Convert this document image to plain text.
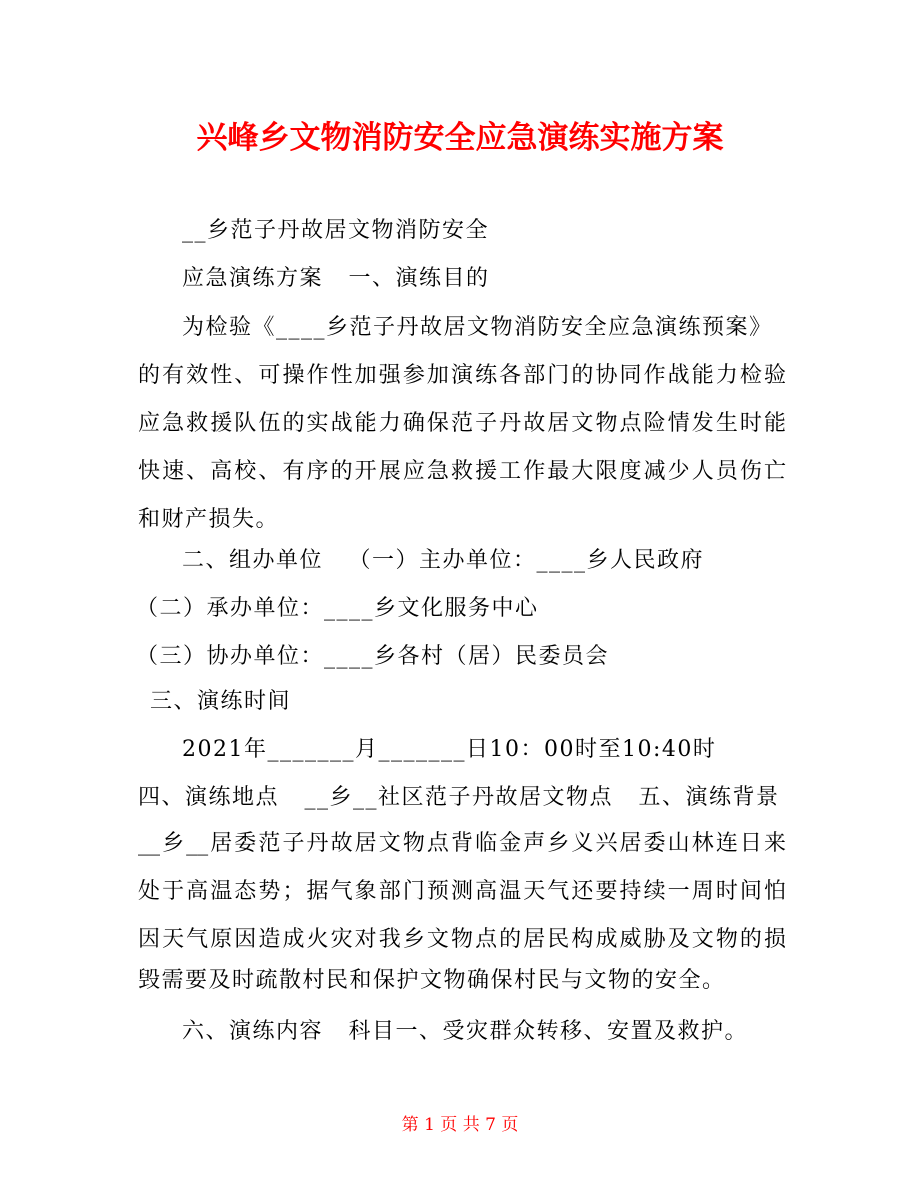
兴峰乡文物消防安全应急演练实施方案
__乡范子丹故居文物消防安全
应急演练方案   一、演练目的
为检验《____乡范子丹故居文物消防安全应急演练预案》
的有效性、可操作性加强参加演练各部门的协同作战能力检验
应急救援队伍的实战能力确保范子丹故居文物点险情发生时能
快速、高校、有序的开展应急救援工作最大限度减少人员伤亡
和财产损失。
二、组办单位   （一）主办单位：____乡人民政府
（二）承办单位：____乡文化服务中心
（三）协办单位：____乡各村（居）民委员会
三、演练时间
2021年_______月_______日10：00时至10:40时
四、演练地点   __乡__社区范子丹故居文物点   五、演练背景
__乡__居委范子丹故居文物点背临金声乡义兴居委山林连日来
处于高温态势；据气象部门预测高温天气还要持续一周时间怕
因天气原因造成火灾对我乡文物点的居民构成威胁及文物的损
毁需要及时疏散村民和保护文物确保村民与文物的安全。
六、演练内容   科目一、受灾群众转移、安置及救护。
第 1 页 共 7 页
